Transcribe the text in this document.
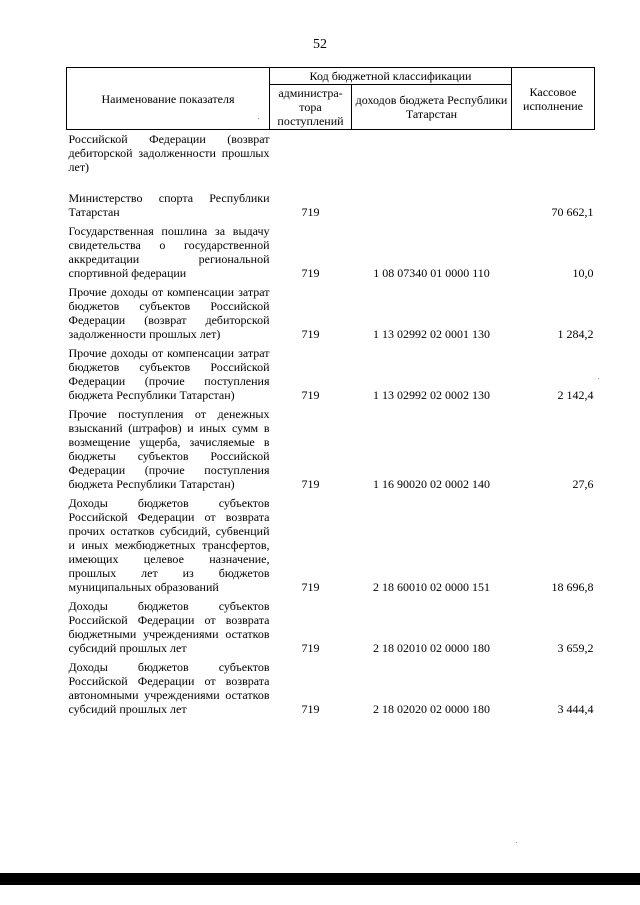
52
Наименование показателя	Код бюджетной классификации		Кассовое исполнение
	администра-тора поступлений	доходов бюджета Республики Татарстан	
Российской Федерации (возврат дебиторской задолженности прошлых лет)			
Министерство спорта Республики Татарстан	719		70 662,1
Государственная пошлина за выдачу свидетельства о государственной аккредитации региональной спортивной федерации	719	1 08 07340 01 0000 110	10,0
Прочие доходы от компенсации затрат бюджетов субъектов Российской Федерации (возврат дебиторской задолженности прошлых лет)	719	1 13 02992 02 0001 130	1 284,2
Прочие доходы от компенсации затрат бюджетов субъектов Российской Федерации (прочие поступления бюджета Республики Татарстан)	719	1 13 02992 02 0002 130	2 142,4
Прочие поступления от денежных взысканий (штрафов) и иных сумм в возмещение ущерба, зачисляемые в бюджеты субъектов Российской Федерации (прочие поступления бюджета Республики Татарстан)	719	1 16 90020 02 0002 140	27,6
Доходы бюджетов субъектов Российской Федерации от возврата прочих остатков субсидий, субвенций и иных межбюджетных трансфертов, имеющих целевое назначение, прошлых лет из бюджетов муниципальных образований	719	2 18 60010 02 0000 151	18 696,8
Доходы бюджетов субъектов Российской Федерации от возврата бюджетными учреждениями остатков субсидий прошлых лет	719	2 18 02010 02 0000 180	3 659,2
Доходы бюджетов субъектов Российской Федерации от возврата автономными учреждениями остатков субсидий прошлых лет	719	2 18 02020 02 0000 180	3 444,4
